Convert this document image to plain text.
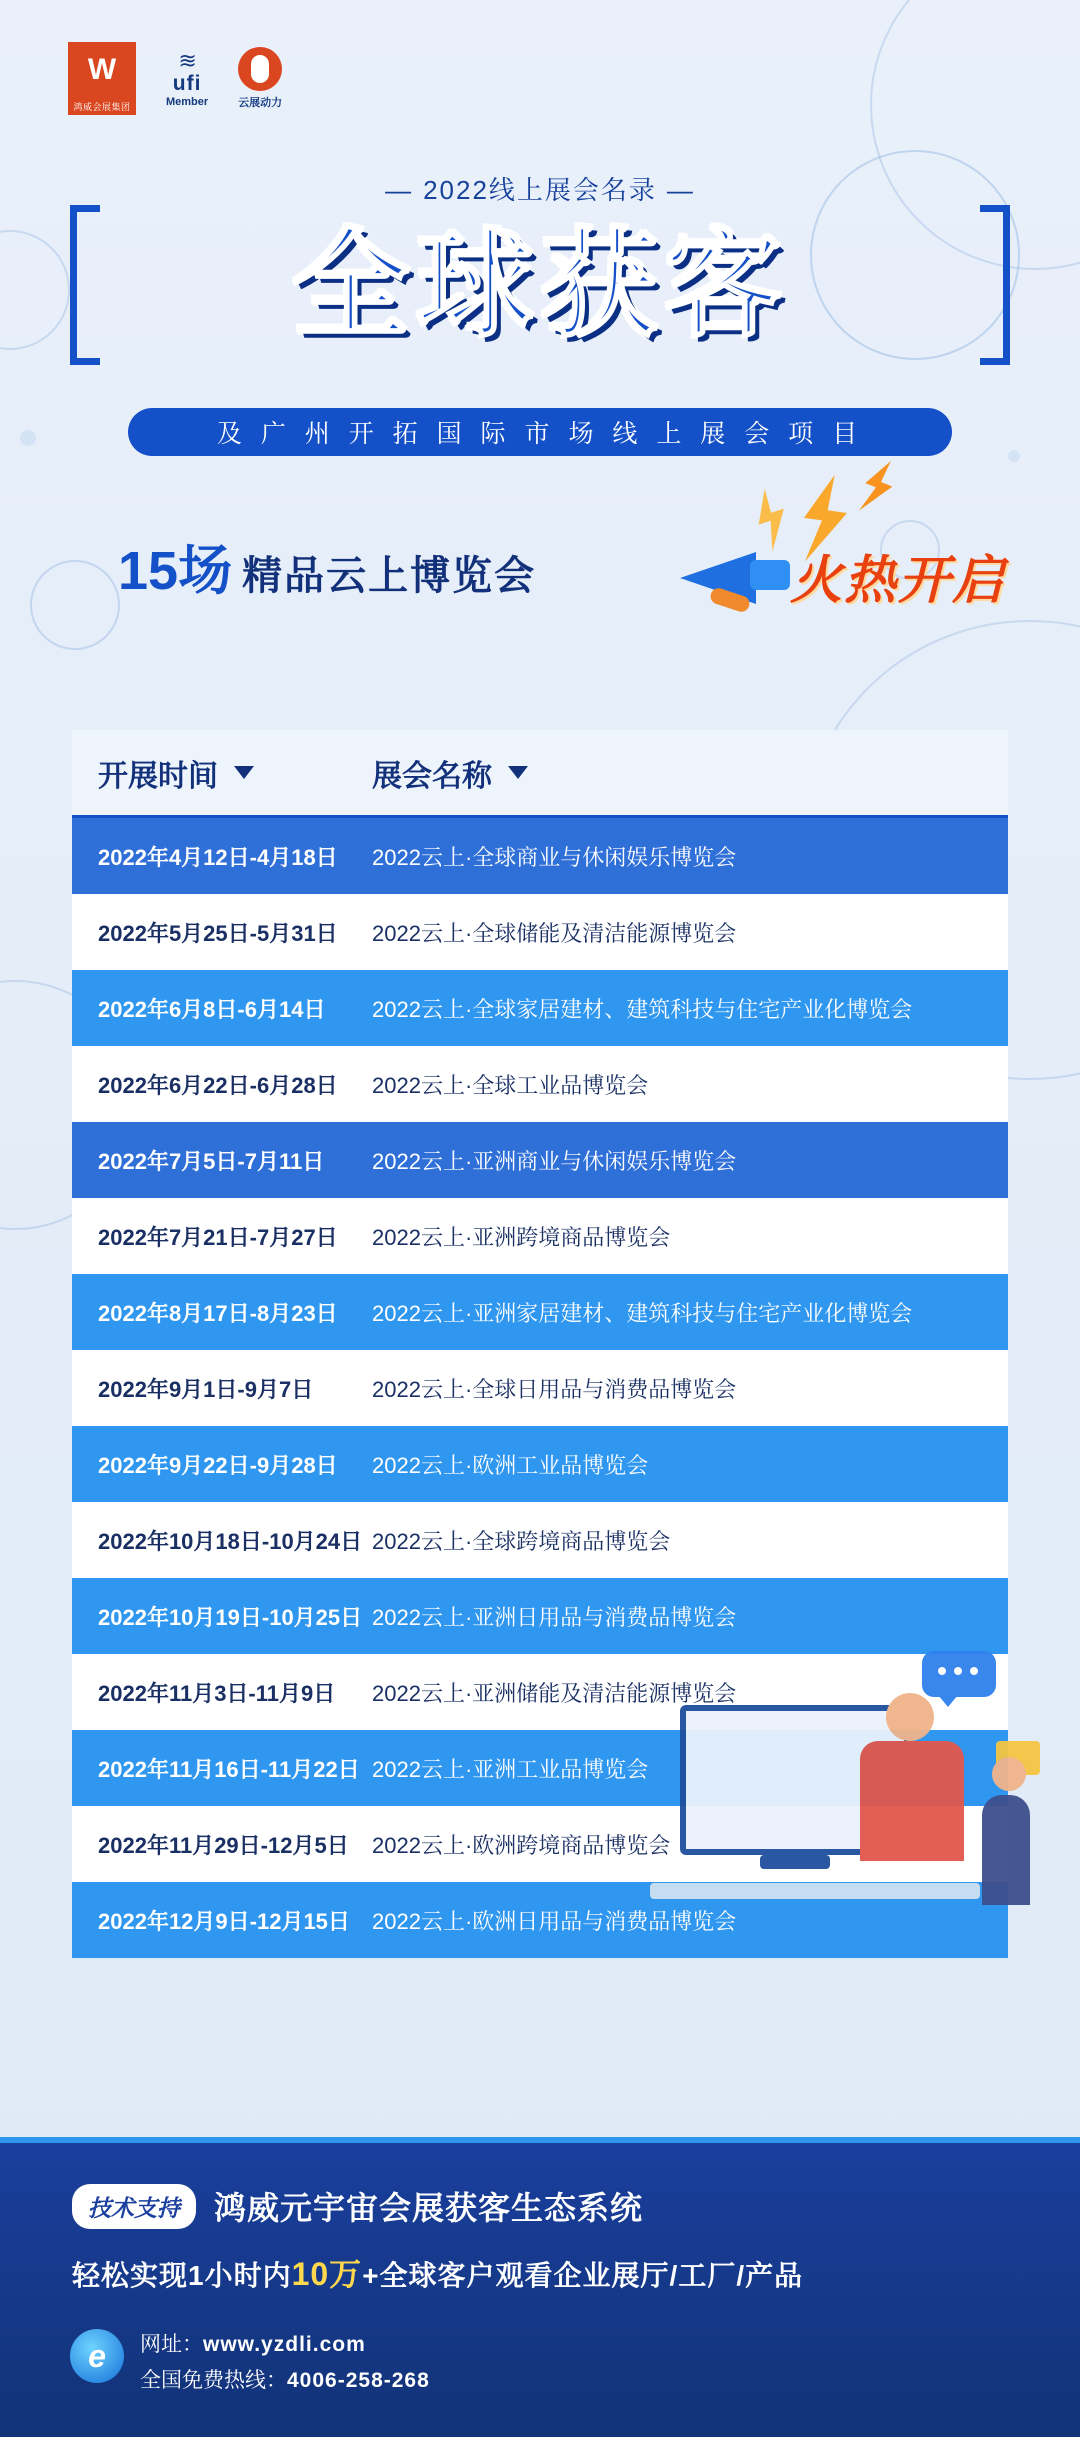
W
鸿威会展集团
≋
ufi
Member	云展动力
— 2022线上展会名录 —
全球获客
及 广 州 开 拓 国 际 市 场 线 上 展 会 项 目
15场 精品云上博览会	火热开启
开展时间	展会名称
2022年4月12日-4月18日	2022云上·全球商业与休闲娱乐博览会
2022年5月25日-5月31日	2022云上·全球储能及清洁能源博览会
2022年6月8日-6月14日	2022云上·全球家居建材、建筑科技与住宅产业化博览会
2022年6月22日-6月28日	2022云上·全球工业品博览会
2022年7月5日-7月11日	2022云上·亚洲商业与休闲娱乐博览会
2022年7月21日-7月27日	2022云上·亚洲跨境商品博览会
2022年8月17日-8月23日	2022云上·亚洲家居建材、建筑科技与住宅产业化博览会
2022年9月1日-9月7日	2022云上·全球日用品与消费品博览会
2022年9月22日-9月28日	2022云上·欧洲工业品博览会
2022年10月18日-10月24日 2022云上·全球跨境商品博览会
2022年10月19日-10月25日 2022云上·亚洲日用品与消费品博览会
2022年11月3日-11月9日	2022云上·亚洲储能及清洁能源博览会
2022年11月16日-11月22日 2022云上·亚洲工业品博览会
2022年11月29日-12月5日	2022云上·欧洲跨境商品博览会
2022年12月9日-12月15日	2022云上·欧洲日用品与消费品博览会
技术支持	鸿威元宇宙会展获客生态系统
轻松实现1小时内10万+全球客户观看企业展厅/工厂/产品
e	网址：www.yzdli.com
全国免费热线：4006-258-268
